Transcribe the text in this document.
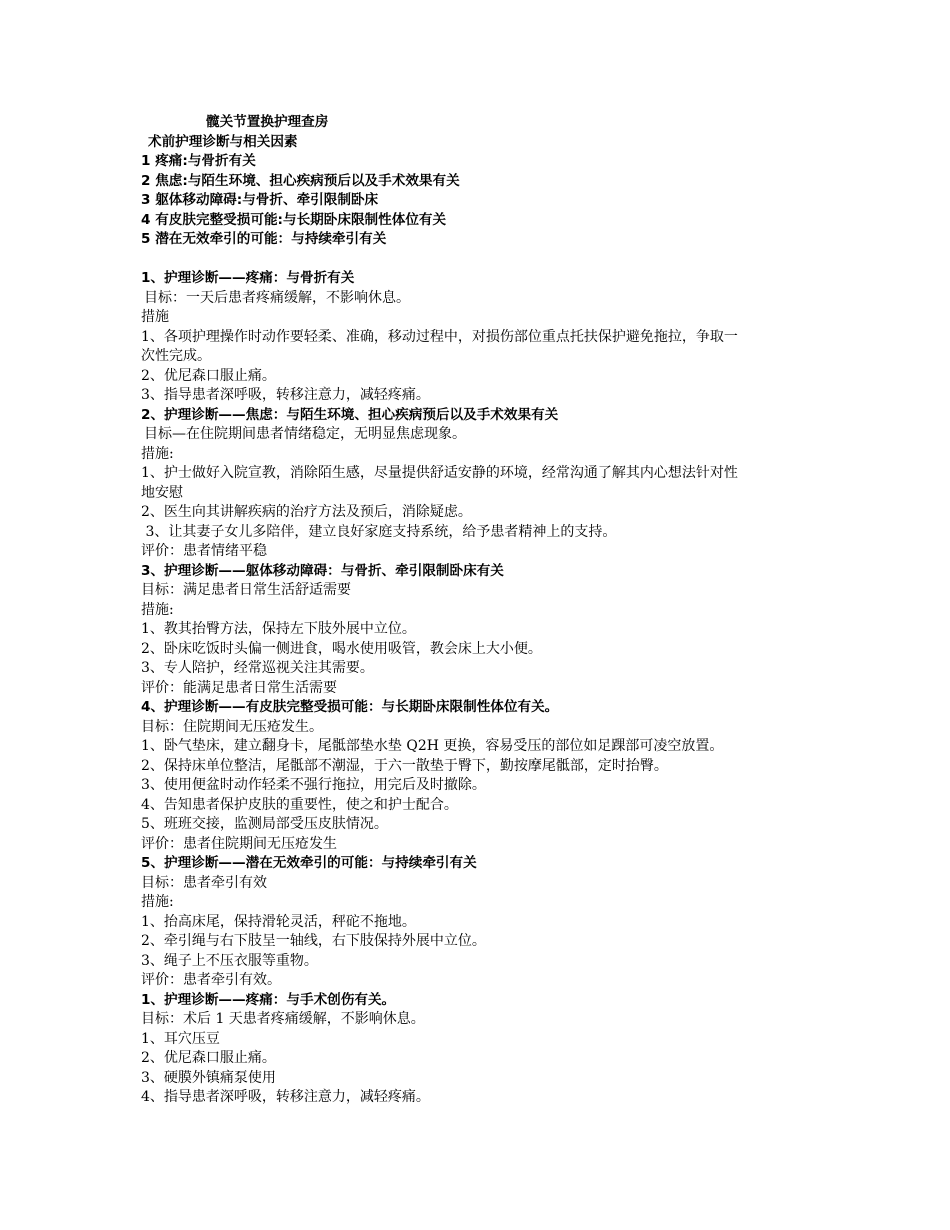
髋关节置换护理查房

术前护理诊断与相关因素

1 疼痛:与骨折有关

2 焦虑:与陌生环境、担心疾病预后以及手术效果有关

3 躯体移动障碍:与骨折、牵引限制卧床

4 有皮肤完整受损可能:与长期卧床限制性体位有关

5 潜在无效牵引的可能：与持续牵引有关

1、护理诊断——疼痛：与骨折有关

目标：一天后患者疼痛缓解，不影响休息。

措施

1、各项护理操作时动作要轻柔、准确，移动过程中，对损伤部位重点托扶保护避免拖拉，争取一

次性完成。

2、优尼森口服止痛。

3、指导患者深呼吸，转移注意力，减轻疼痛。

2、护理诊断——焦虑：与陌生环境、担心疾病预后以及手术效果有关

目标—在住院期间患者情绪稳定，无明显焦虑现象。

措施:

1、护士做好入院宣教，消除陌生感，尽量提供舒适安静的环境，经常沟通了解其内心想法针对性

地安慰

2、医生向其讲解疾病的治疗方法及预后，消除疑虑。

3、让其妻子女儿多陪伴，建立良好家庭支持系统，给予患者精神上的支持。

评价：患者情绪平稳

3、护理诊断——躯体移动障碍：与骨折、牵引限制卧床有关

目标：满足患者日常生活舒适需要

措施:

1、教其抬臀方法，保持左下肢外展中立位。

2、卧床吃饭时头偏一侧进食，喝水使用吸管，教会床上大小便。

3、专人陪护，经常巡视关注其需要。

评价：能满足患者日常生活需要

4、护理诊断——有皮肤完整受损可能：与长期卧床限制性体位有关。

目标：住院期间无压疮发生。

1、卧气垫床，建立翻身卡，尾骶部垫水垫 Q2H 更换，容易受压的部位如足踝部可凌空放置。

2、保持床单位整洁，尾骶部不潮湿，于六一散垫于臀下，勤按摩尾骶部，定时抬臀。

3、使用便盆时动作轻柔不强行拖拉，用完后及时撤除。

4、告知患者保护皮肤的重要性，使之和护士配合。

5、班班交接，监测局部受压皮肤情况。

评价：患者住院期间无压疮发生

5、护理诊断——潜在无效牵引的可能：与持续牵引有关

目标：患者牵引有效

措施:

1、抬高床尾，保持滑轮灵活，秤砣不拖地。

2、牵引绳与右下肢呈一轴线，右下肢保持外展中立位。

3、绳子上不压衣服等重物。

评价：患者牵引有效。

1、护理诊断——疼痛：与手术创伤有关。

目标：术后 1 天患者疼痛缓解，不影响休息。

1、耳穴压豆

2、优尼森口服止痛。

3、硬膜外镇痛泵使用

4、指导患者深呼吸，转移注意力，减轻疼痛。
